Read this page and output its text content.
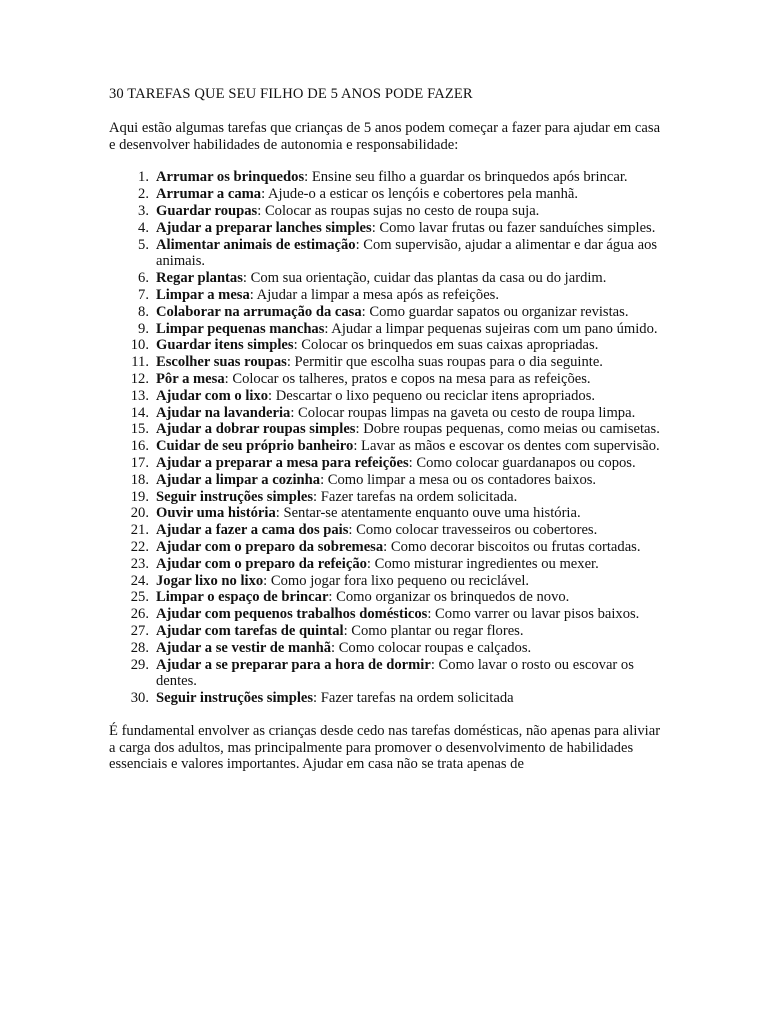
30 TAREFAS QUE SEU FILHO DE 5 ANOS PODE FAZER

Aqui estão algumas tarefas que crianças de 5 anos podem começar a fazer para ajudar em casa e desenvolver habilidades de autonomia e responsabilidade:

1. Arrumar os brinquedos: Ensine seu filho a guardar os brinquedos após brincar.
2. Arrumar a cama: Ajude-o a esticar os lençóis e cobertores pela manhã.
3. Guardar roupas: Colocar as roupas sujas no cesto de roupa suja.
4. Ajudar a preparar lanches simples: Como lavar frutas ou fazer sanduíches simples.
5. Alimentar animais de estimação: Com supervisão, ajudar a alimentar e dar água aos animais.
6. Regar plantas: Com sua orientação, cuidar das plantas da casa ou do jardim.
7. Limpar a mesa: Ajudar a limpar a mesa após as refeições.
8. Colaborar na arrumação da casa: Como guardar sapatos ou organizar revistas.
9. Limpar pequenas manchas: Ajudar a limpar pequenas sujeiras com um pano úmido.
10. Guardar itens simples: Colocar os brinquedos em suas caixas apropriadas.
11. Escolher suas roupas: Permitir que escolha suas roupas para o dia seguinte.
12. Pôr a mesa: Colocar os talheres, pratos e copos na mesa para as refeições.
13. Ajudar com o lixo: Descartar o lixo pequeno ou reciclar itens apropriados.
14. Ajudar na lavanderia: Colocar roupas limpas na gaveta ou cesto de roupa limpa.
15. Ajudar a dobrar roupas simples: Dobre roupas pequenas, como meias ou camisetas.
16. Cuidar de seu próprio banheiro: Lavar as mãos e escovar os dentes com supervisão.
17. Ajudar a preparar a mesa para refeições: Como colocar guardanapos ou copos.
18. Ajudar a limpar a cozinha: Como limpar a mesa ou os contadores baixos.
19. Seguir instruções simples: Fazer tarefas na ordem solicitada.
20. Ouvir uma história: Sentar-se atentamente enquanto ouve uma história.
21. Ajudar a fazer a cama dos pais: Como colocar travesseiros ou cobertores.
22. Ajudar com o preparo da sobremesa: Como decorar biscoitos ou frutas cortadas.
23. Ajudar com o preparo da refeição: Como misturar ingredientes ou mexer.
24. Jogar lixo no lixo: Como jogar fora lixo pequeno ou reciclável.
25. Limpar o espaço de brincar: Como organizar os brinquedos de novo.
26. Ajudar com pequenos trabalhos domésticos: Como varrer ou lavar pisos baixos.
27. Ajudar com tarefas de quintal: Como plantar ou regar flores.
28. Ajudar a se vestir de manhã: Como colocar roupas e calçados.
29. Ajudar a se preparar para a hora de dormir: Como lavar o rosto ou escovar os dentes.
30. Seguir instruções simples: Fazer tarefas na ordem solicitada

É fundamental envolver as crianças desde cedo nas tarefas domésticas, não apenas para aliviar a carga dos adultos, mas principalmente para promover o desenvolvimento de habilidades essenciais e valores importantes. Ajudar em casa não se trata apenas de
